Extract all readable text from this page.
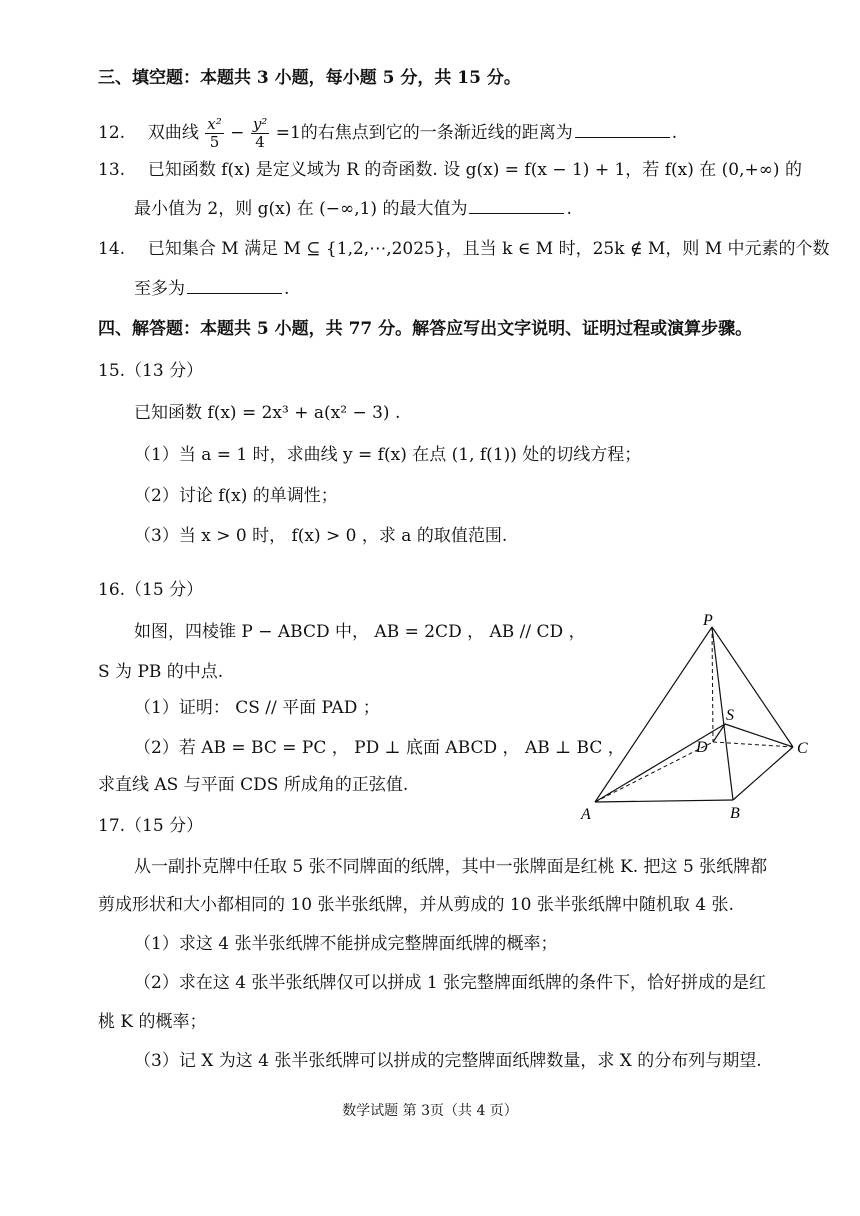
三、填空题：本题共 3 小题，每小题 5 分，共 15 分。
12. 双曲线 $\frac{\text{x²}}{5} - \frac{\text{y²}}{4} =1$的右焦点到它的一条渐近线的距离为	.
13. 已知函数 f(x) 是定义域为 R 的奇函数. 设 g(x) = f(x − 1) + 1，若 f(x) 在 (0,+∞) 的
最小值为 2，则 g(x) 在 (−∞,1) 的最大值为	.
14. 已知集合 M 满足 M ⊆ {1,2,⋯,2025}，且当 k ∈ M 时，25k ∉ M，则 M 中元素的个数
至多为	.
四、解答题：本题共 5 小题，共 77 分。解答应写出文字说明、证明过程或演算步骤。
15.（13 分）
已知函数 f(x) = 2x³ + a(x² − 3) .
（1）当 a = 1 时，求曲线 y = f(x) 在点 (1, f(1)) 处的切线方程；
（2）讨论 f(x) 的单调性；
（3）当 x > 0 时， f(x) > 0 ，求 a 的取值范围.
16.（15 分）
如图，四棱锥 P − ABCD 中， AB = 2CD ， AB // CD ，
S 为 PB 的中点.
（1）证明： CS // 平面 PAD ；
（2）若 AB = BC = PC ， PD ⊥ 底面 ABCD ， AB ⊥ BC ，
求直线 AS 与平面 CDS 所成角的正弦值.
P
S
D	C
A	B
17.（15 分）
从一副扑克牌中任取 5 张不同牌面的纸牌，其中一张牌面是红桃 K. 把这 5 张纸牌都
剪成形状和大小都相同的 10 张半张纸牌，并从剪成的 10 张半张纸牌中随机取 4 张.
（1）求这 4 张半张纸牌不能拼成完整牌面纸牌的概率；
（2）求在这 4 张半张纸牌仅可以拼成 1 张完整牌面纸牌的条件下，恰好拼成的是红
桃 K 的概率；
（3）记 X 为这 4 张半张纸牌可以拼成的完整牌面纸牌数量，求 X 的分布列与期望.
数学试题 第 3页（共 4 页）
